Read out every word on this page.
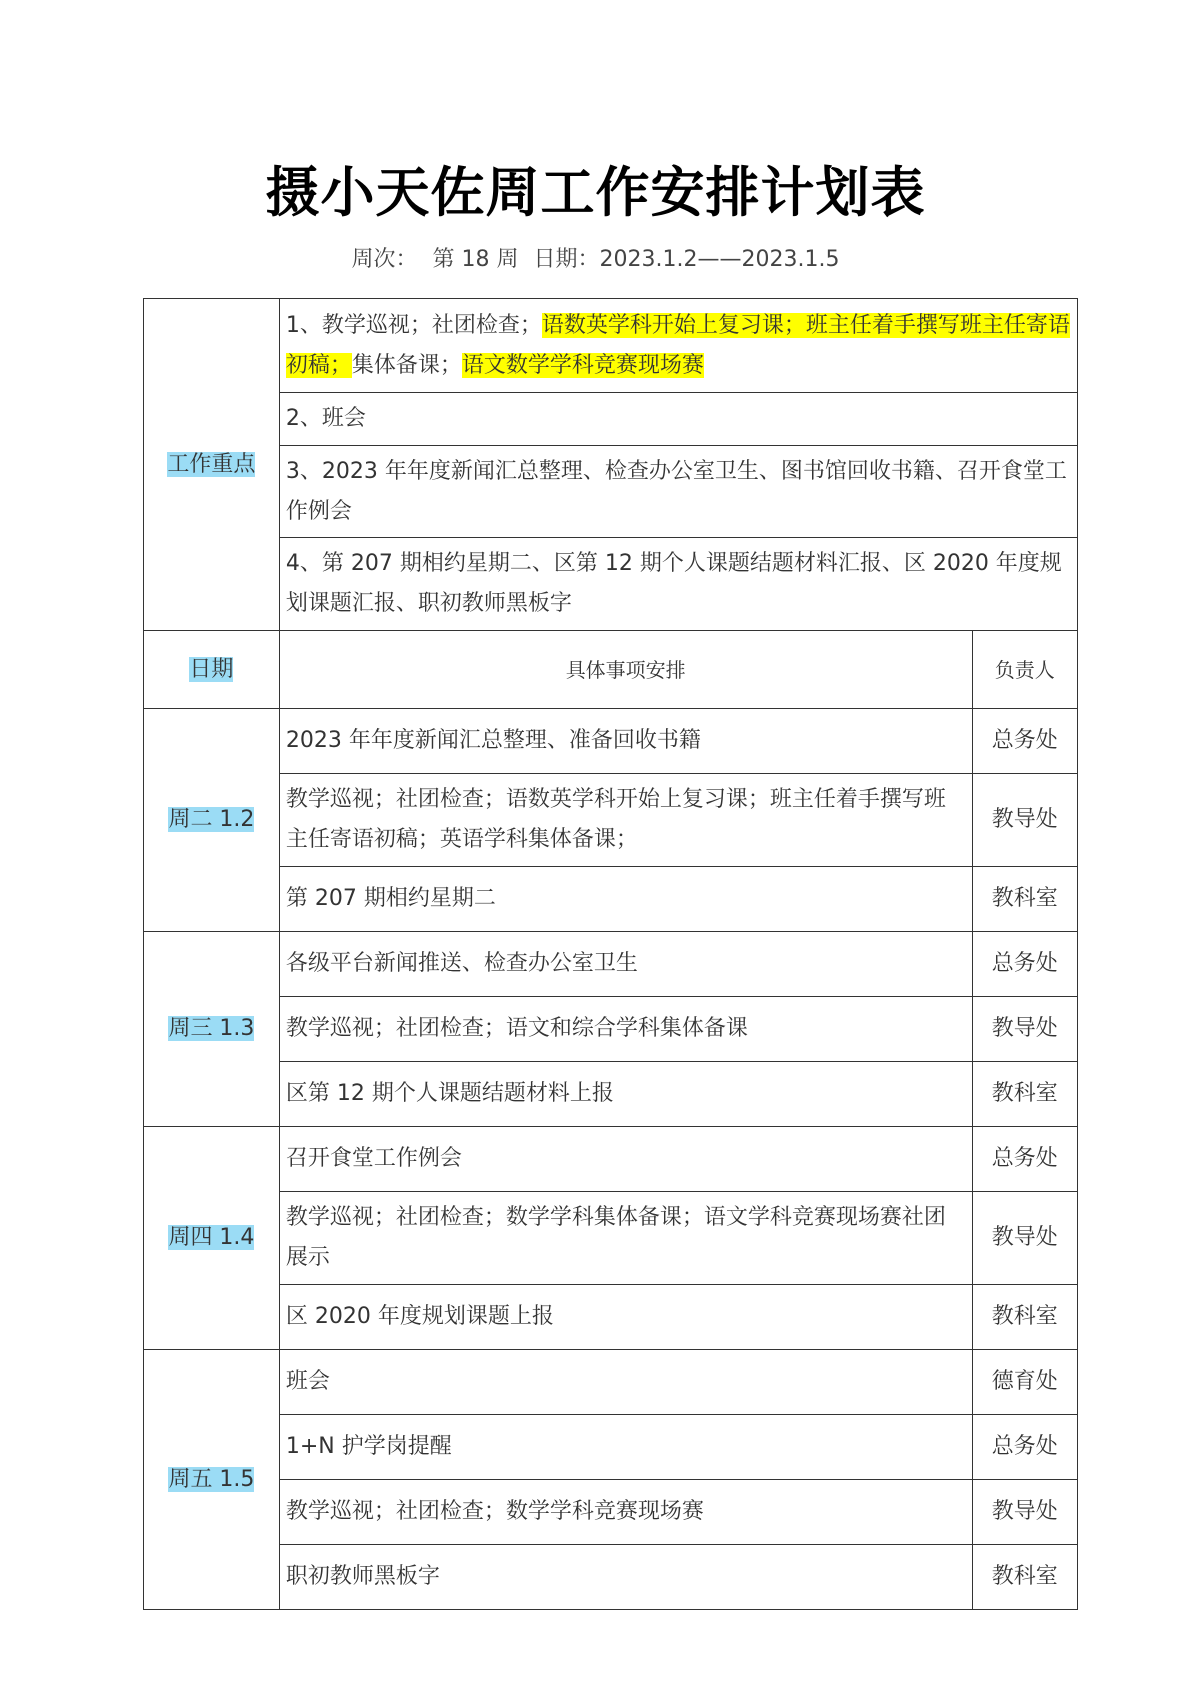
摄小天佐周工作安排计划表
周次： 第 18 周 日期：2023.1.2——2023.1.5
工作重点	1、教学巡视；社团检查；语数英学科开始上复习课；班主任着手撰写班主任寄语初稿；集体备课；语文数学学科竞赛现场赛	
	2、班会	
	3、2023 年年度新闻汇总整理、检查办公室卫生、图书馆回收书籍、召开食堂工作例会	
	4、第 207 期相约星期二、区第 12 期个人课题结题材料汇报、区 2020 年度规划课题汇报、职初教师黑板字	
日期	具体事项安排	负责人
周二 1.2	2023 年年度新闻汇总整理、准备回收书籍	总务处
	教学巡视；社团检查；语数英学科开始上复习课；班主任着手撰写班主任寄语初稿；英语学科集体备课；	教导处
	第 207 期相约星期二	教科室
周三 1.3	各级平台新闻推送、检查办公室卫生	总务处
	教学巡视；社团检查；语文和综合学科集体备课	教导处
	区第 12 期个人课题结题材料上报	教科室
周四 1.4	召开食堂工作例会	总务处
	教学巡视；社团检查；数学学科集体备课；语文学科竞赛现场赛社团展示	教导处
	区 2020 年度规划课题上报	教科室
周五 1.5	班会	德育处
	1+N 护学岗提醒	总务处
	教学巡视；社团检查；数学学科竞赛现场赛	教导处
	职初教师黑板字	教科室
